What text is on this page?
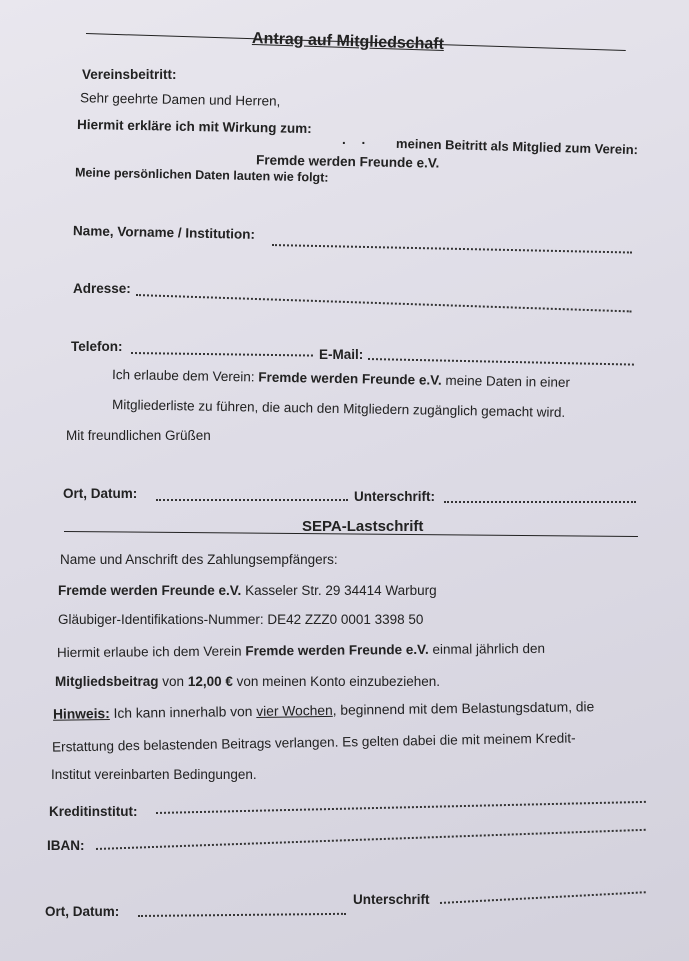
Antrag auf Mitgliedschaft
Vereinsbeitritt:
Sehr geehrte Damen und Herren,
Hiermit erkläre ich mit Wirkung zum:
. . meinen Beitritt als Mitglied zum Verein:
Fremde werden Freunde e.V.
Meine persönlichen Daten lauten wie folgt:
Name, Vorname / Institution:
Adresse:
Telefon:
E-Mail:
Ich erlaube dem Verein: Fremde werden Freunde e.V. meine Daten in einer
Mitgliederliste zu führen, die auch den Mitgliedern zugänglich gemacht wird.
Mit freundlichen Grüßen
Ort, Datum:	Unterschrift:
SEPA-Lastschrift
Name und Anschrift des Zahlungsempfängers:
Fremde werden Freunde e.V. Kasseler Str. 29 34414 Warburg
Gläubiger-Identifikations-Nummer: DE42 ZZZ0 0001 3398 50
Hiermit erlaube ich dem Verein Fremde werden Freunde e.V. einmal jährlich den
Mitgliedsbeitrag von 12,00 € von meinen Konto einzubeziehen.
Hinweis: Ich kann innerhalb von vier Wochen, beginnend mit dem Belastungsdatum, die
Erstattung des belastenden Beitrags verlangen. Es gelten dabei die mit meinem Kredit-
Institut vereinbarten Bedingungen.
Kreditinstitut:
IBAN:
Ort, Datum:
Unterschrift
